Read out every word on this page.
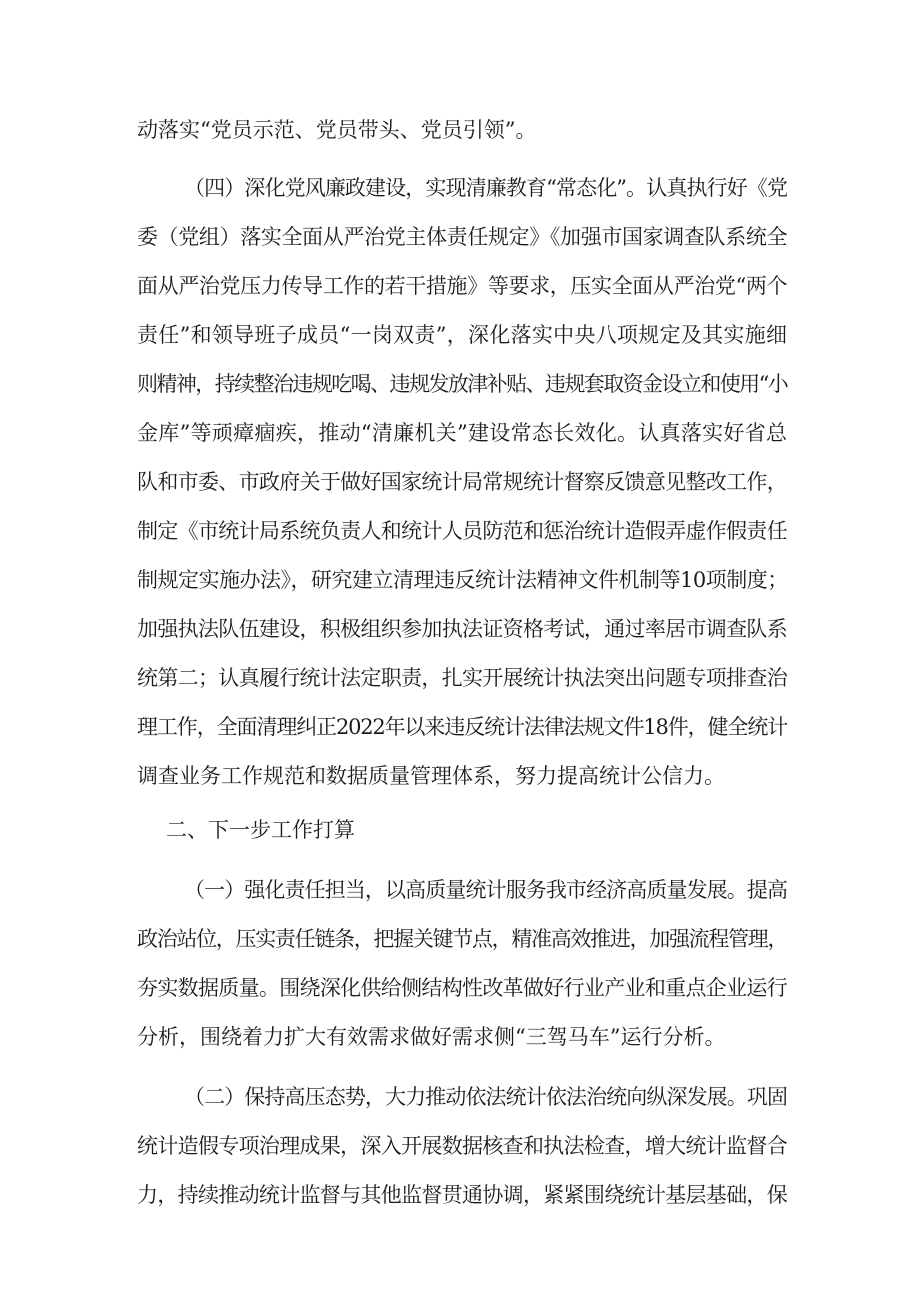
动落实“党员示范、党员带头、党员引领”。
（四）深化党风廉政建设，实现清廉教育“常态化”。认真执行好《党
委（党组）落实全面从严治党主体责任规定》《加强市国家调查队系统全
面从严治党压力传导工作的若干措施》等要求，压实全面从严治党“两个
责任”和领导班子成员“一岗双责”，深化落实中央八项规定及其实施细
则精神，持续整治违规吃喝、违规发放津补贴、违规套取资金设立和使用“小
金库”等顽瘴痼疾，推动“清廉机关”建设常态长效化。认真落实好省总
队和市委、市政府关于做好国家统计局常规统计督察反馈意见整改工作，
制定《市统计局系统负责人和统计人员防范和惩治统计造假弄虚作假责任
制规定实施办法》，研究建立清理违反统计法精神文件机制等10项制度；
加强执法队伍建设，积极组织参加执法证资格考试，通过率居市调查队系
统第二；认真履行统计法定职责，扎实开展统计执法突出问题专项排查治
理工作，全面清理纠正2022年以来违反统计法律法规文件18件，健全统计
调查业务工作规范和数据质量管理体系，努力提高统计公信力。
二、下一步工作打算
（一）强化责任担当，以高质量统计服务我市经济高质量发展。提高
政治站位，压实责任链条，把握关键节点，精准高效推进，加强流程管理，
夯实数据质量。围绕深化供给侧结构性改革做好行业产业和重点企业运行
分析，围绕着力扩大有效需求做好需求侧“三驾马车”运行分析。
（二）保持高压态势，大力推动依法统计依法治统向纵深发展。巩固
统计造假专项治理成果，深入开展数据核查和执法检查，增大统计监督合
力，持续推动统计监督与其他监督贯通协调，紧紧围绕统计基层基础，保
